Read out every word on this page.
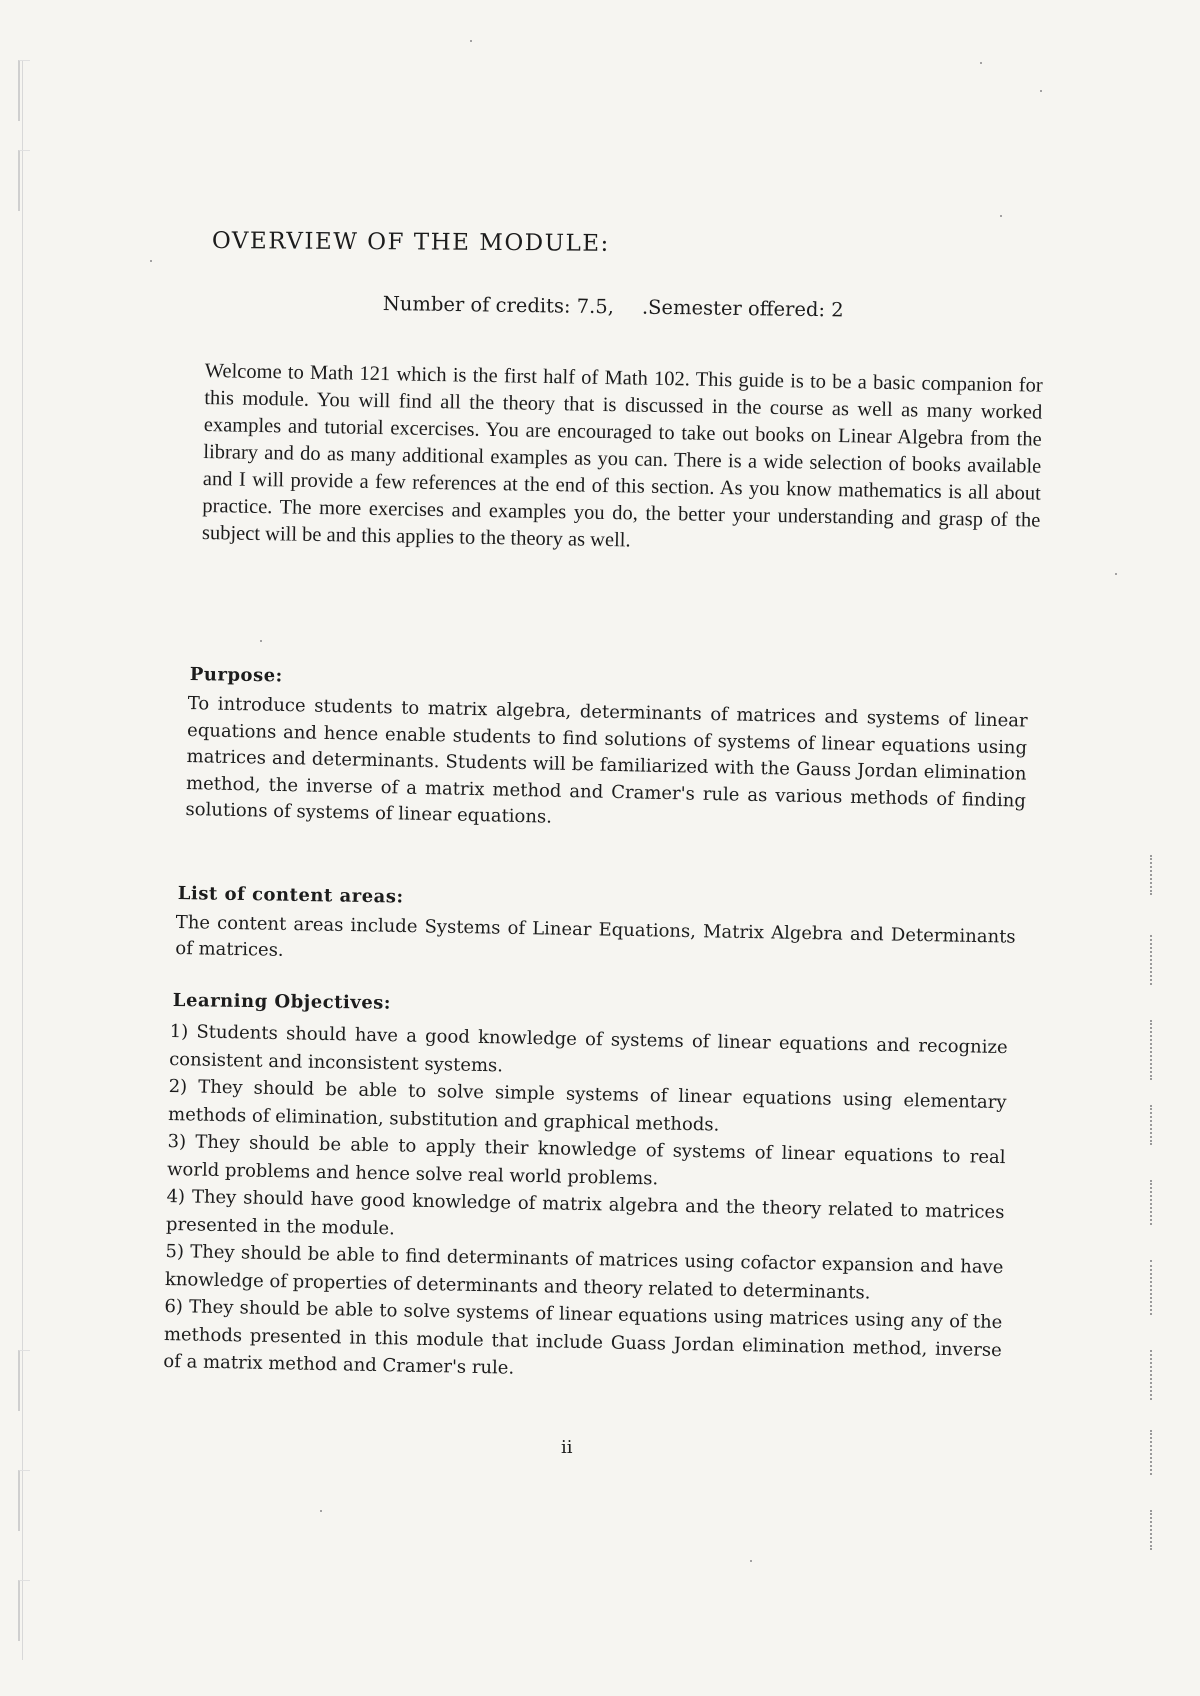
OVERVIEW OF THE MODULE:
Number of credits: 7.5, .Semester offered: 2
Welcome to Math 121 which is the first half of Math 102. This guide is to be a basic companion for this module. You will find all the theory that is discussed in the course as well as many worked examples and tutorial excercises. You are encouraged to take out books on Linear Algebra from the library and do as many additional examples as you can. There is a wide selection of books available and I will provide a few references at the end of this section. As you know mathematics is all about practice. The more exercises and examples you do, the better your understanding and grasp of the subject will be and this applies to the theory as well.
Purpose:
To introduce students to matrix algebra, determinants of matrices and systems of linear equations and hence enable students to find solutions of systems of linear equations using matrices and determinants. Students will be familiarized with the Gauss Jordan elimination method, the inverse of a matrix method and Cramer's rule as various methods of finding solutions of systems of linear equations.
List of content areas:
The content areas include Systems of Linear Equations, Matrix Algebra and Determinants of matrices.
Learning Objectives:
1) Students should have a good knowledge of systems of linear equations and recognize consistent and inconsistent systems.
2) They should be able to solve simple systems of linear equations using elementary methods of elimination, substitution and graphical methods.
3) They should be able to apply their knowledge of systems of linear equations to real world problems and hence solve real world problems.
4) They should have good knowledge of matrix algebra and the theory related to matrices presented in the module.
5) They should be able to find determinants of matrices using cofactor expansion and have knowledge of properties of determinants and theory related to determinants.
6) They should be able to solve systems of linear equations using matrices using any of the methods presented in this module that include Guass Jordan elimination method, inverse of a matrix method and Cramer's rule.
ii
